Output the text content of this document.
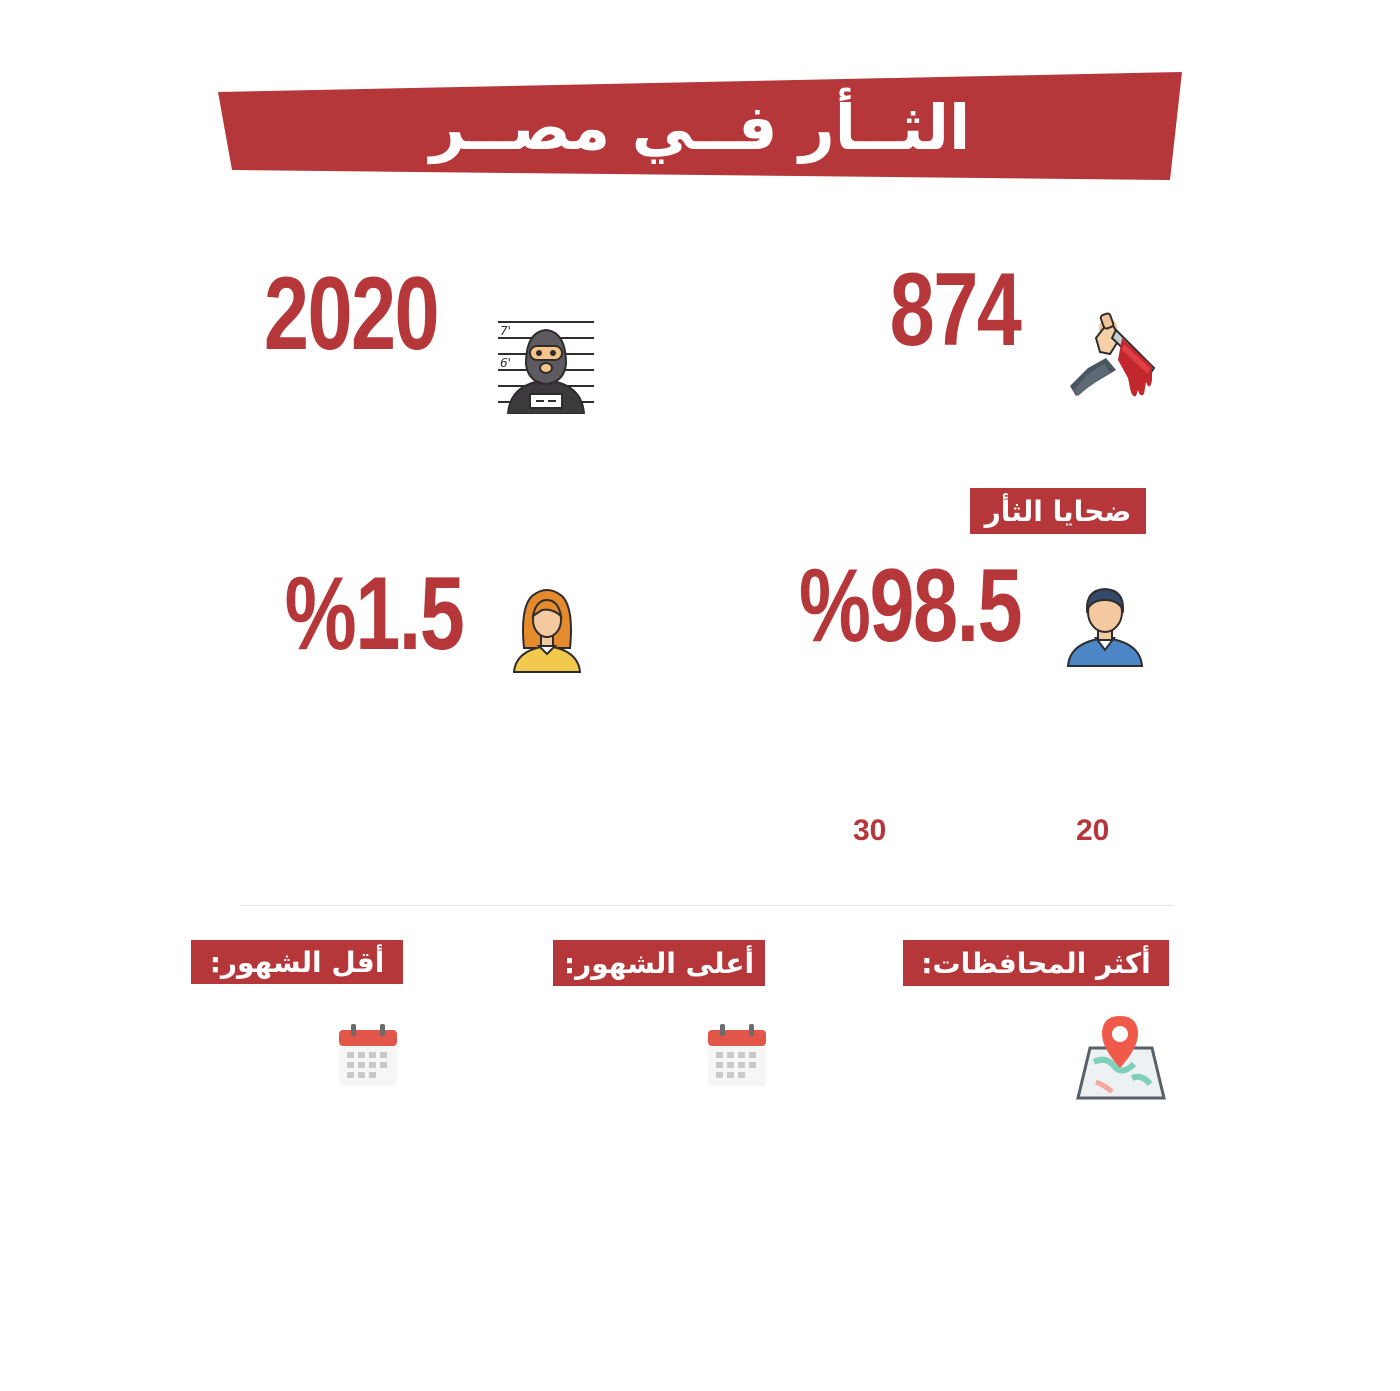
الثــأر فــي مصــر
874
2020	7'
6'
ضحايا الثأر
%98.5
%1.5
20
30
أكثر المحافظات:
أعلى الشهور:
أقل الشهور:
